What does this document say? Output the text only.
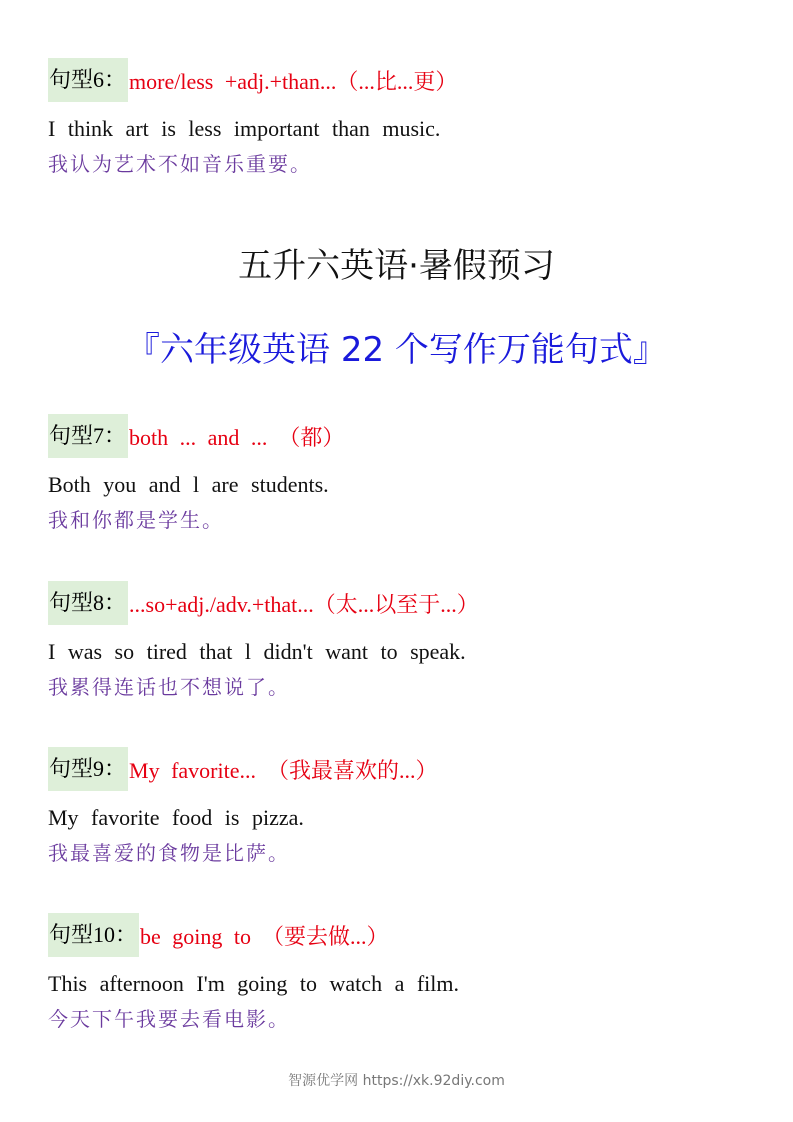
句型6： more/less +adj.+than...（...比...更）
I think art is less important than music.
我认为艺术不如音乐重要。
五升六英语·暑假预习
『六年级英语 22 个写作万能句式』
句型7： both ... and ...　（都）
Both you and l are students.
我和你都是学生。
句型8： ...so+adj./adv.+that...（太...以至于...）
I was so tired that l didn't want to speak.
我累得连话也不想说了。
句型9： My favorite...　（我最喜欢的...）
My favorite food is pizza.
我最喜爱的食物是比萨。
句型10： be going to　（要去做...）
This afternoon I'm going to watch a film.
今天下午我要去看电影。
智源优学网 https://xk.92diy.com
